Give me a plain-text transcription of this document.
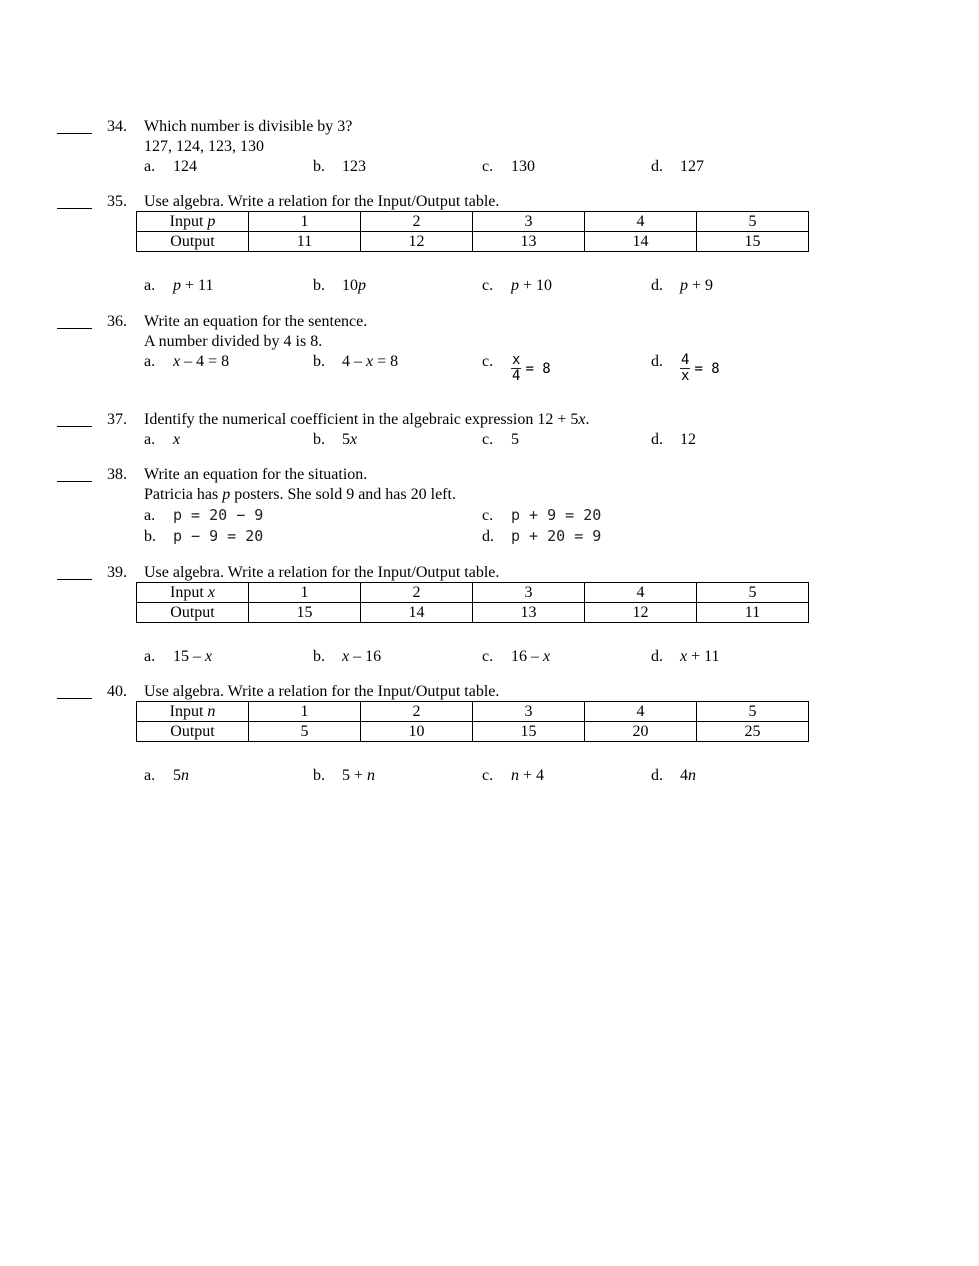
34. Which number is divisible by 3?
127, 124, 123, 130
a. 124	b. 123	c. 130	d. 127
35. Use algebra. Write a relation for the Input/Output table.
Input p	1	2	3	4	5
Output	11	12	13	14	15
a. p + 11	b. 10p	c. p + 10	d. p + 9
36. Write an equation for the sentence.
A number divided by 4 is 8.
a. x – 4 = 8	b. 4 – x = 8	c. $\frac{x}{4} = 8$	d. $\frac{4}{x} = 8$
37. Identify the numerical coefficient in the algebraic expression 12 + 5x.
a. x	b. 5x	c. 5	d. 12
38. Write an equation for the situation.
Patricia has p posters. She sold 9 and has 20 left.
a. p = 20 − 9	c. p + 9 = 20
b. p − 9 = 20	d. p + 20 = 9
39. Use algebra. Write a relation for the Input/Output table.
Input x	1	2	3	4	5
Output	15	14	13	12	11
a. 15 – x	b. x – 16	c. 16 – x	d. x + 11
40. Use algebra. Write a relation for the Input/Output table.
Input n	1	2	3	4	5
Output	5	10	15	20	25
a. 5n	b. 5 + n	c. n + 4	d. 4n
